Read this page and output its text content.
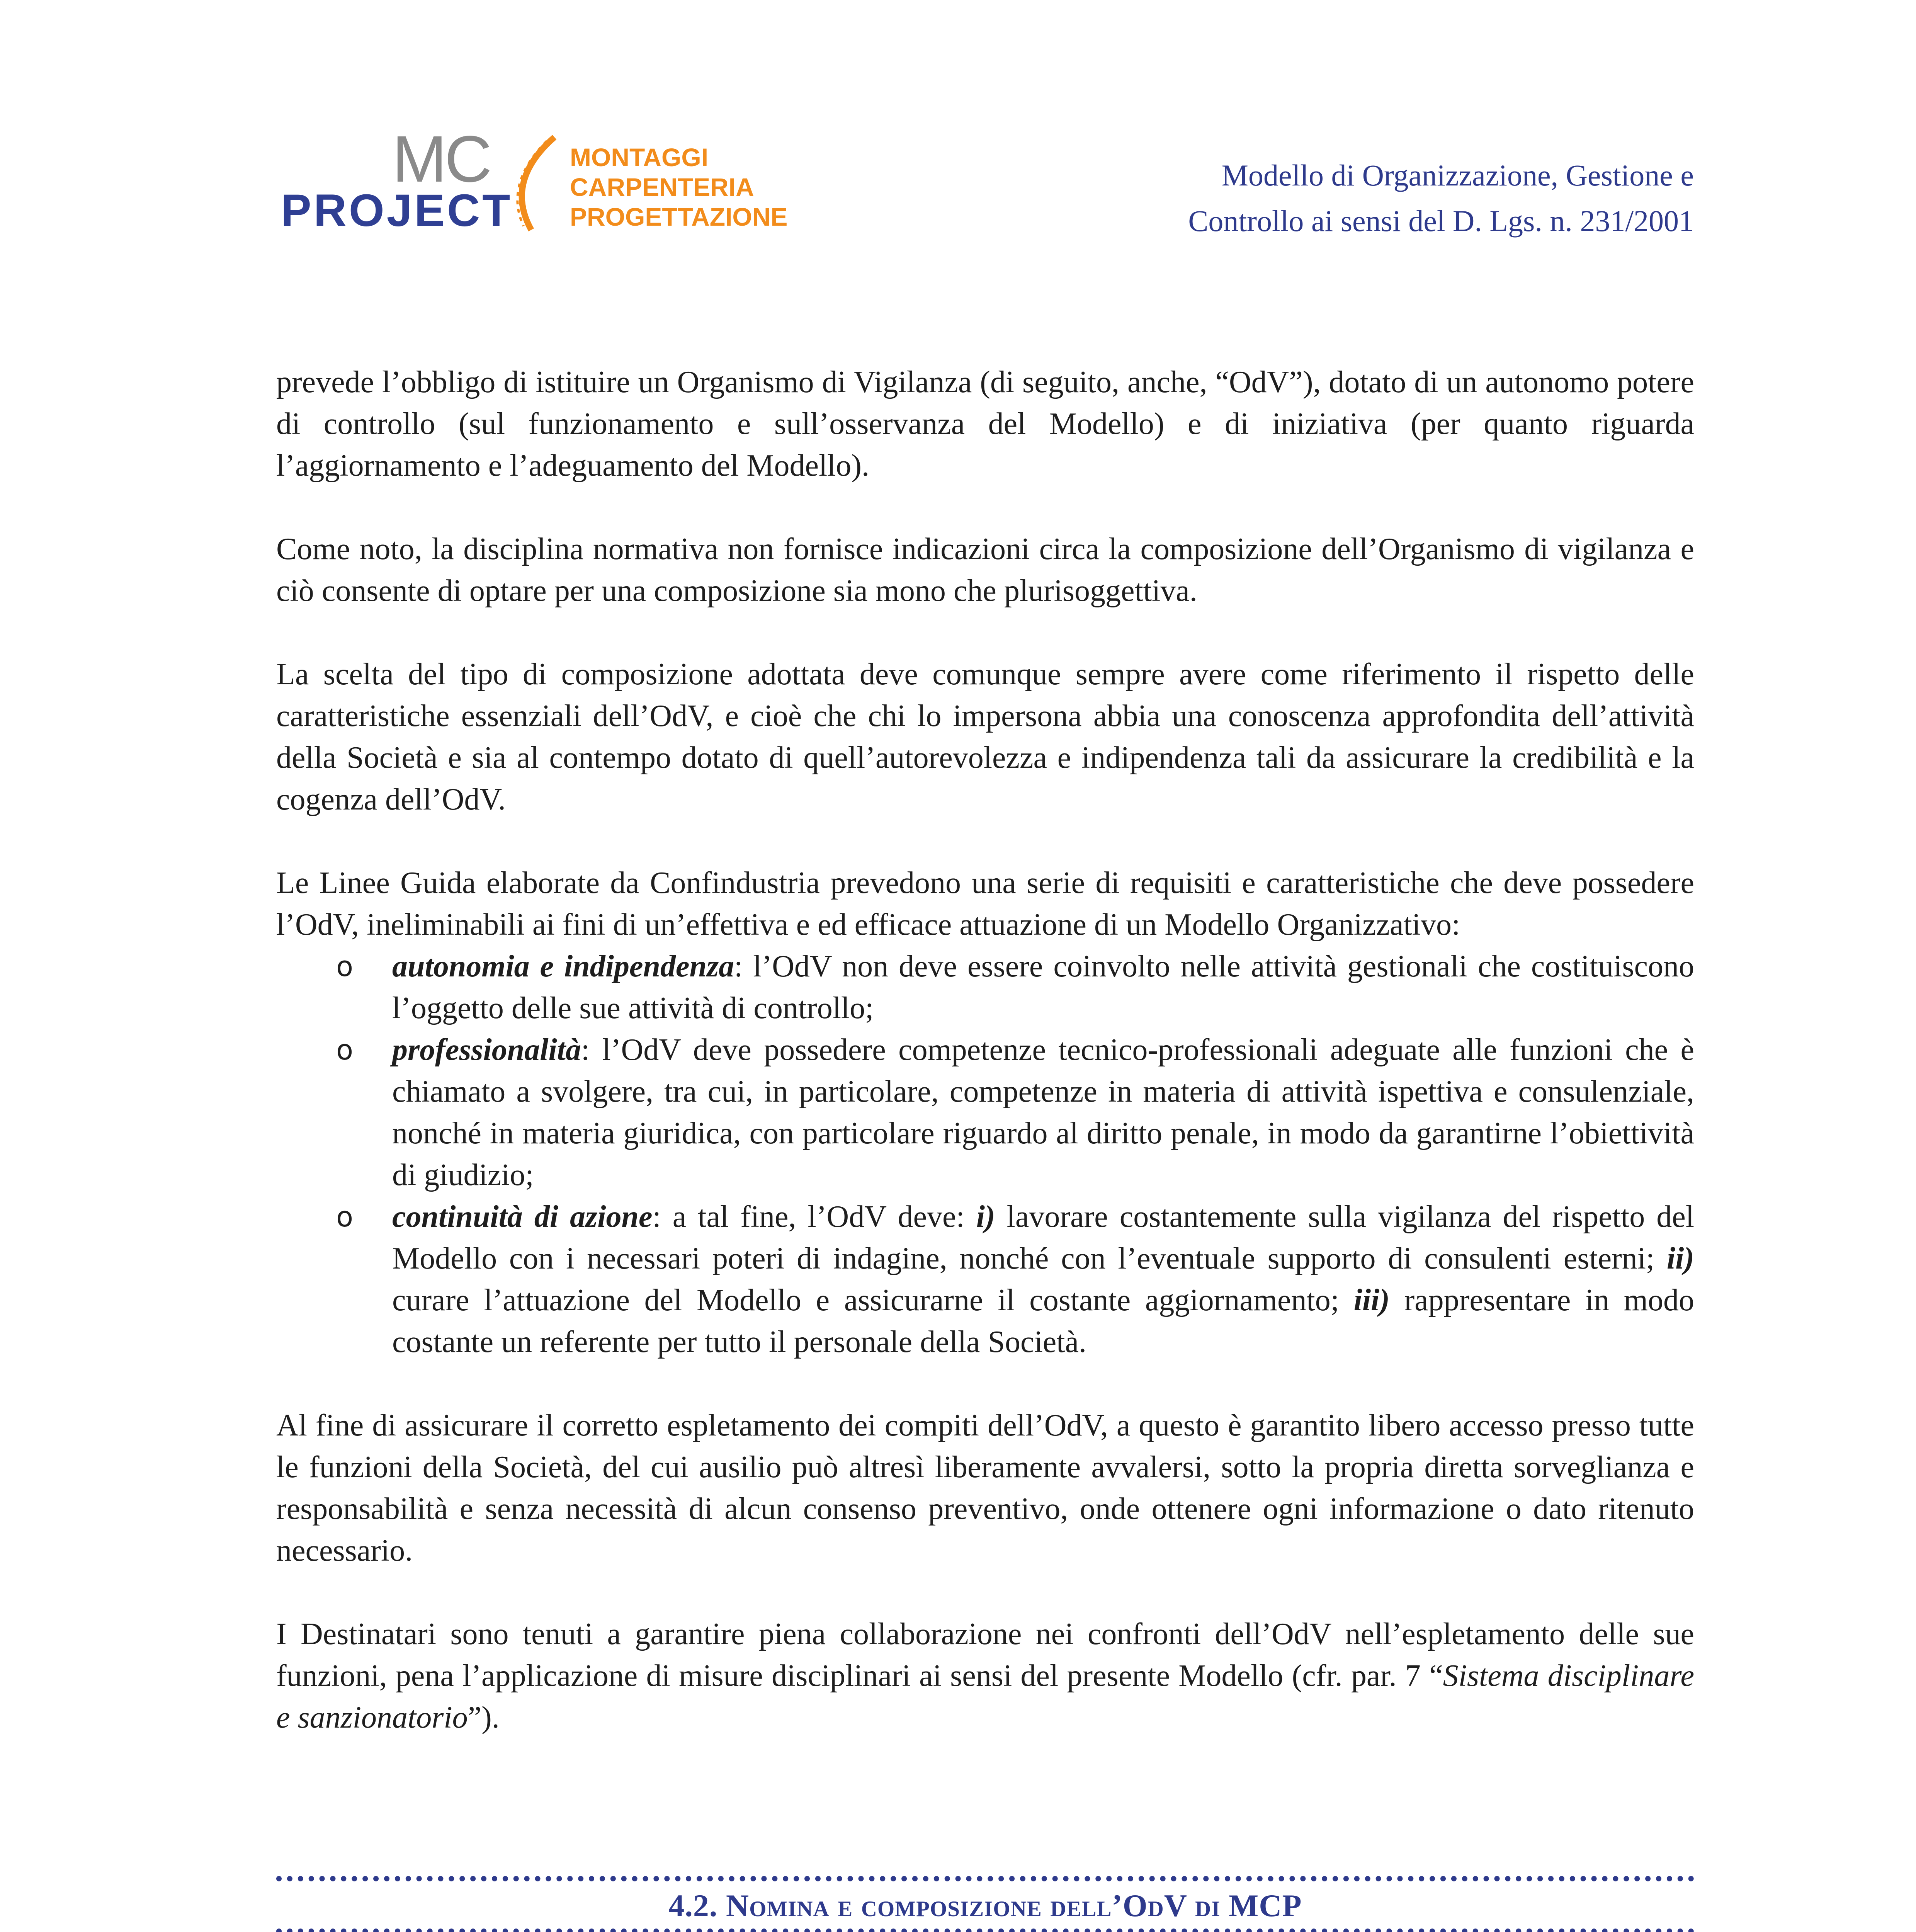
MC
PROJECT
MONTAGGI
CARPENTERIA
PROGETTAZIONE
Modello di Organizzazione, Gestione e
Controllo ai sensi del D. Lgs. n. 231/2001

prevede l’obbligo di istituire un Organismo di Vigilanza (di seguito, anche, “OdV”), dotato di un autonomo potere di controllo (sul funzionamento e sull’osservanza del Modello) e di iniziativa (per quanto riguarda l’aggiornamento e l’adeguamento del Modello).

Come noto, la disciplina normativa non fornisce indicazioni circa la composizione dell’Organismo di vigilanza e ciò consente di optare per una composizione sia mono che plurisoggettiva.

La scelta del tipo di composizione adottata deve comunque sempre avere come riferimento il rispetto delle caratteristiche essenziali dell’OdV, e cioè che chi lo impersona abbia una conoscenza approfondita dell’attività della Società e sia al contempo dotato di quell’autorevolezza e indipendenza tali da assicurare la credibilità e la cogenza dell’OdV.

Le Linee Guida elaborate da Confindustria prevedono una serie di requisiti e caratteristiche che deve possedere l’OdV, ineliminabili ai fini di un’effettiva e ed efficace attuazione di un Modello Organizzativo:

o autonomia e indipendenza: l’OdV non deve essere coinvolto nelle attività gestionali che costituiscono l’oggetto delle sue attività di controllo;
o professionalità: l’OdV deve possedere competenze tecnico-professionali adeguate alle funzioni che è chiamato a svolgere, tra cui, in particolare, competenze in materia di attività ispettiva e consulenziale, nonché in materia giuridica, con particolare riguardo al diritto penale, in modo da garantirne l’obiettività di giudizio;
o continuità di azione: a tal fine, l’OdV deve: i) lavorare costantemente sulla vigilanza del rispetto del Modello con i necessari poteri di indagine, nonché con l’eventuale supporto di consulenti esterni; ii) curare l’attuazione del Modello e assicurarne il costante aggiornamento; iii) rappresentare in modo costante un referente per tutto il personale della Società.

Al fine di assicurare il corretto espletamento dei compiti dell’OdV, a questo è garantito libero accesso presso tutte le funzioni della Società, del cui ausilio può altresì liberamente avvalersi, sotto la propria diretta sorveglianza e responsabilità e senza necessità di alcun consenso preventivo, onde ottenere ogni informazione o dato ritenuto necessario.

I Destinatari sono tenuti a garantire piena collaborazione nei confronti dell’OdV nell’espletamento delle sue funzioni, pena l’applicazione di misure disciplinari ai sensi del presente Modello (cfr. par. 7 “Sistema disciplinare e sanzionatorio”).

4.2. Nomina e composizione dell’OdV di MCP
